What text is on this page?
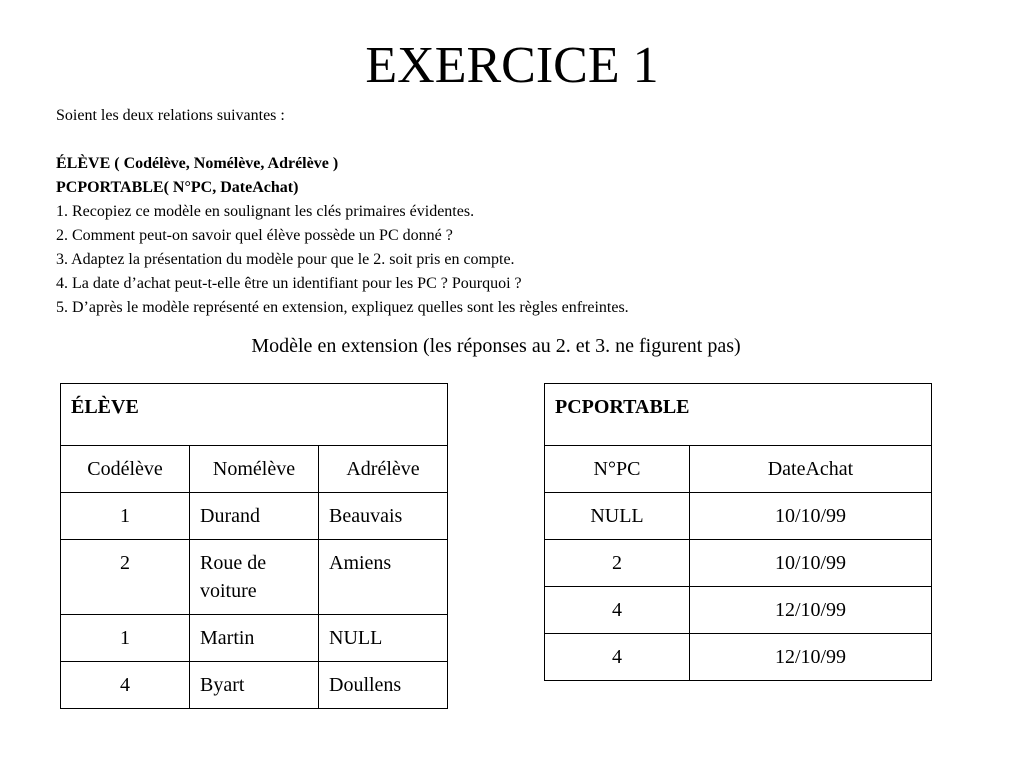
EXERCICE 1
Soient les deux relations suivantes :
ÉLÈVE ( Codélève, Nomélève, Adrélève )
PCPORTABLE( N°PC, DateAchat)
1. Recopiez ce modèle en soulignant les clés primaires évidentes.
2. Comment peut-on savoir quel élève possède un PC donné ?
3. Adaptez la présentation du modèle pour que le 2. soit pris en compte.
4. La date d’achat peut-t-elle être un identifiant pour les PC ? Pourquoi ?
5. D’après le modèle représenté en extension, expliquez quelles sont les règles enfreintes.
Modèle en extension (les réponses au 2. et 3. ne figurent pas)
ÉLÈVE		
Codélève	Nomélève	Adrélève
1	Durand	Beauvais
2	Roue de voiture	Amiens
1	Martin	NULL
4	Byart	Doullens
PCPORTABLE	
N°PC	DateAchat
NULL	10/10/99
2	10/10/99
4	12/10/99
4	12/10/99
